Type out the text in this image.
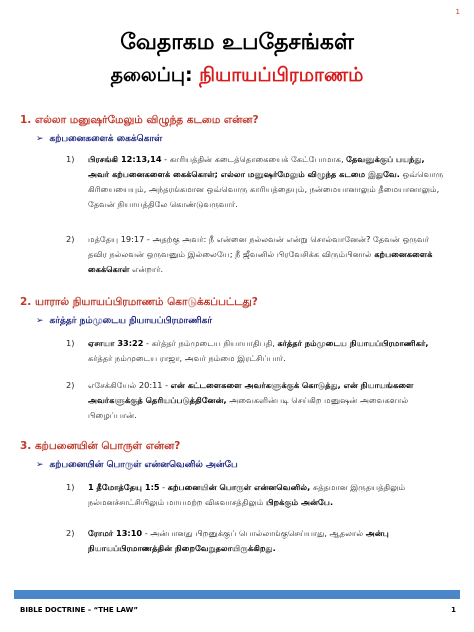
1
வேதாகம உபதேசங்கள்
தலைப்பு: நியாயப்பிரமாணம்
1. எல்லா மனுஷர்மேலும் விழுந்த கடமை என்ன?
➢ கற்பனைகளைக் கைக்கொள்
1) பிரசங்கி 12:13,14 - காரியத்தின் கடைத்தொகையைக் கேட்போமாக, தேவனுக்குப் பயந்து, அவர் கற்பனைகளைக் கைக்கொள்; எல்லா மனுஷர்மேலும் விழுந்த கடமை இதுவே. ஒவ்வொரு கிரியையையும், அந்தரங்கமான ஒவ்வொரு காரியத்தையும், நன்மையானாலும் தீமையானாலும், தேவன் நியாயத்திலே கொண்டுவருவார்.
2) மத்தேயு 19:17 - அதற்கு அவர்: நீ என்னை நல்லவன் என்று சொல்வானேன்? தேவன் ஒருவர் தவிர நல்லவன் ஒருவனும் இல்லையே; நீ ஜீவனில் பிரவேசிக்க விரும்பினால் கற்பனைகளைக் கைக்கொள் என்றார்.
2. யாரால் நியாயப்பிரமாணம் கொடுக்கப்பட்டது?
➢ கர்த்தர் நம்முடைய நியாயப்பிரமாணிகர்
1) ஏசாயா 33:22 - கர்த்தர் நம்முடைய நியாயாதிபதி, கர்த்தர் நம்முடைய நியாயப்பிரமாணிகர், கர்த்தர் நம்முடைய ராஜா, அவர் நம்மை இரட்சிப்பார்.
2) எசேக்கியேல் 20:11 - என் கட்டளைகளை அவர்களுக்குக் கொடுத்து, என் நியாயங்களை அவர்களுக்குத் தெரியப்படுத்தினேன், அவைகளின்படி செய்கிற மனுஷன் அவைகளால் பிழைப்பான்.
3. கற்பனையின் பொருள் என்ன?
➢ கற்பனையின் பொருள் என்னவெனில் அன்பே
1) 1 தீமோத்தேயு 1:5 - கற்பனையின் பொருள் என்னவெனில், சுத்தமான இருதயத்திலும் நல்மனச்சாட்சியிலும் மாயமற்ற விசுவாசத்திலும் பிறக்கும் அன்பே.
2) ரோமர் 13:10 - அன்பானது பிறனுக்குப் பொல்லாங்குசெய்யாது, ஆதலால் அன்பு நியாயப்பிரமாணத்தின் நிறைவேறுதலாயிருக்கிறது.
BIBLE DOCTRINE – “THE LAW”	1
